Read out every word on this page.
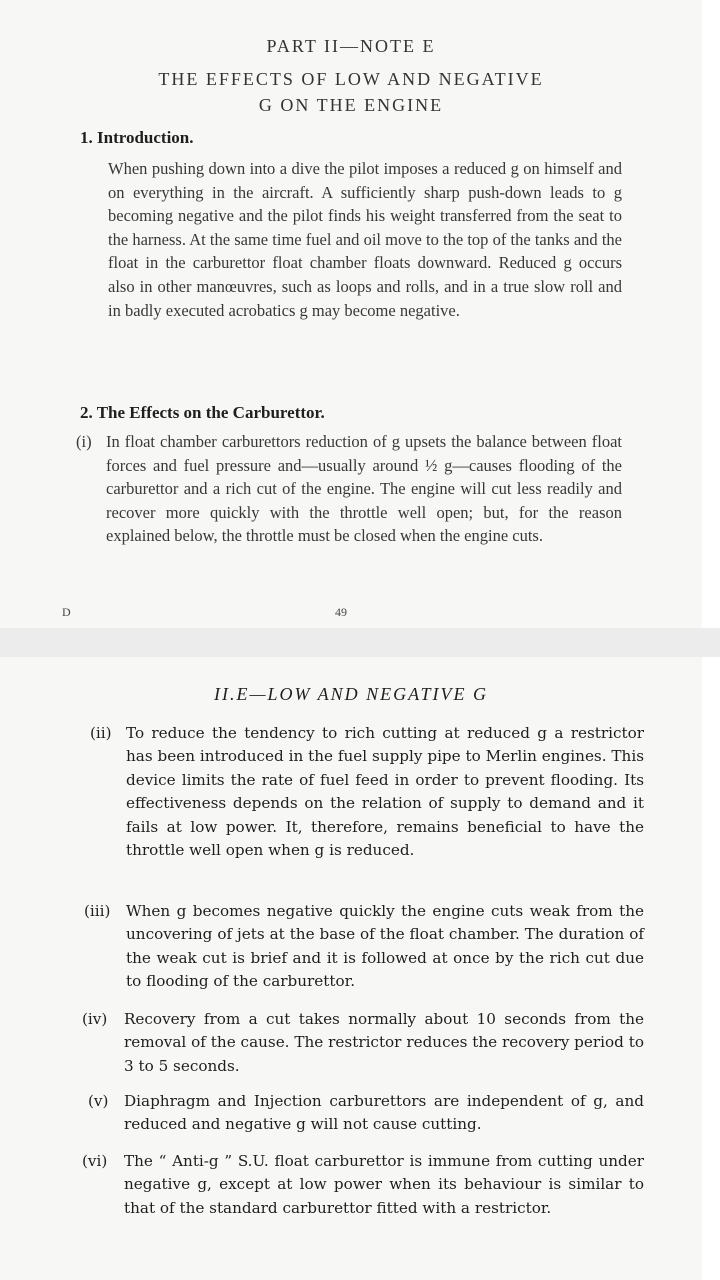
PART II—NOTE E
THE EFFECTS OF LOW AND NEGATIVE
G ON THE ENGINE
1. Introduction.
When pushing down into a dive the pilot imposes a reduced g on himself and on everything in the aircraft. A sufficiently sharp push-down leads to g becoming negative and the pilot finds his weight transferred from the seat to the harness. At the same time fuel and oil move to the top of the tanks and the float in the carburettor float chamber floats downward. Reduced g occurs also in other manœuvres, such as loops and rolls, and in a true slow roll and in badly executed acrobatics g may become negative.
2. The Effects on the Carburettor.
(i) In float chamber carburettors reduction of g upsets the balance between float forces and fuel pressure and—usually around ½ g—causes flooding of the carburettor and a rich cut of the engine. The engine will cut less readily and recover more quickly with the throttle well open; but, for the reason explained below, the throttle must be closed when the engine cuts.
D	49
II.E—LOW AND NEGATIVE G
(ii) To reduce the tendency to rich cutting at reduced g a restrictor has been introduced in the fuel supply pipe to Merlin engines. This device limits the rate of fuel feed in order to prevent flooding. Its effectiveness depends on the relation of supply to demand and it fails at low power. It, therefore, remains beneficial to have the throttle well open when g is reduced.
(iii) When g becomes negative quickly the engine cuts weak from the uncovering of jets at the base of the float chamber. The duration of the weak cut is brief and it is followed at once by the rich cut due to flooding of the carburettor.
(iv) Recovery from a cut takes normally about 10 seconds from the removal of the cause. The restrictor reduces the recovery period to 3 to 5 seconds.
(v) Diaphragm and Injection carburettors are independent of g, and reduced and negative g will not cause cutting.
(vi) The “ Anti-g ” S.U. float carburettor is immune from cutting under negative g, except at low power when its behaviour is similar to that of the standard carburettor fitted with a restrictor.
